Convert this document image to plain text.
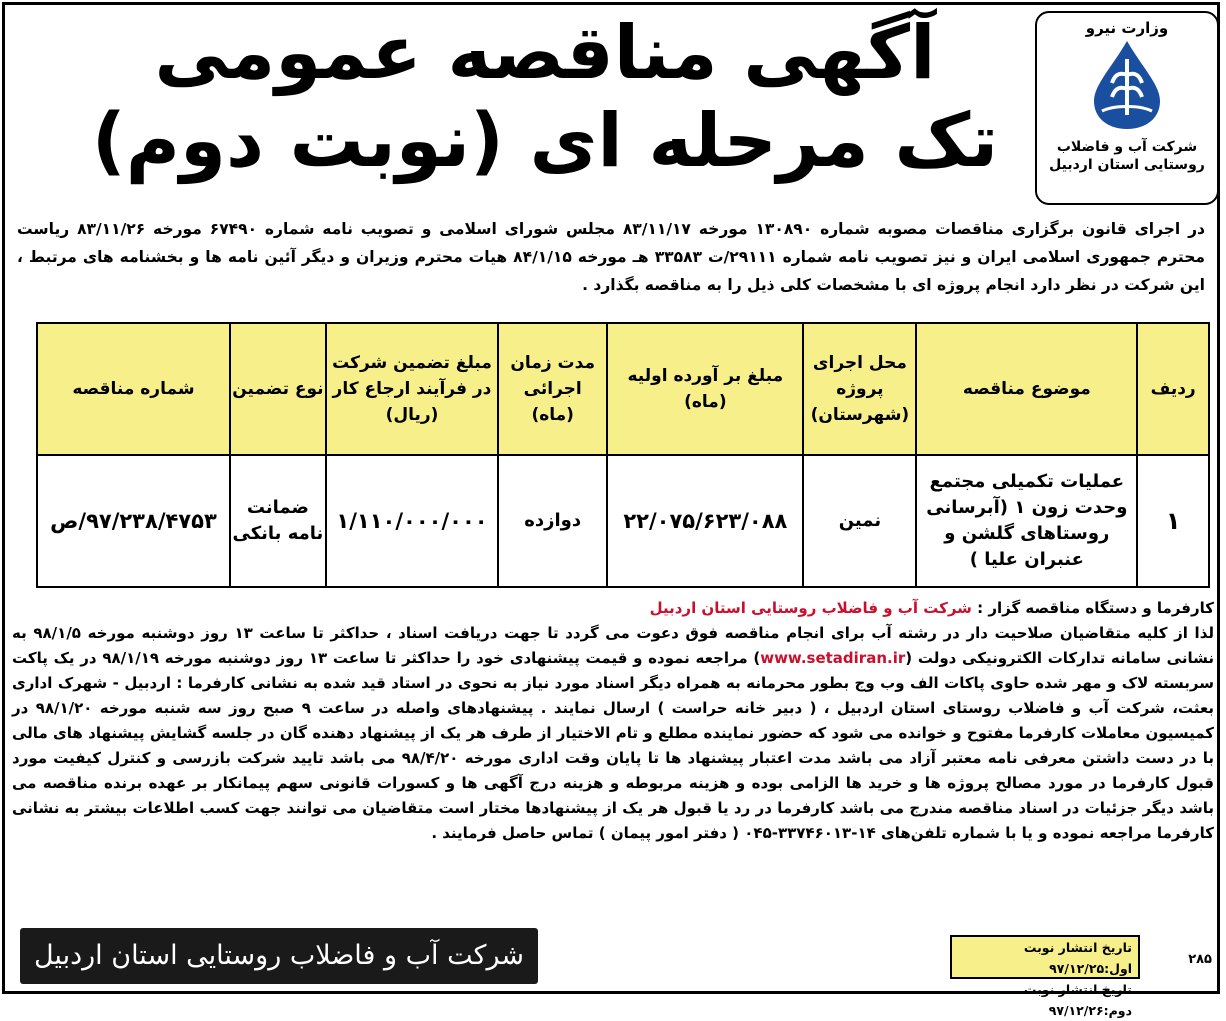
آگهی مناقصه عمومی
تک مرحله ای (نوبت دوم)
وزارت نیرو
شرکت آب و فاضلاب روستایی استان اردبیل
در اجرای قانون برگزاری مناقصات مصوبه شماره ۱۳۰۸۹۰ مورخه ۸۳/۱۱/۱۷ مجلس شورای اسلامی و تصویب نامه شماره ۶۷۴۹۰ مورخه ۸۳/۱۱/۲۶ ریاست محترم جمهوری اسلامی ایران و نیز تصویب نامه شماره ۲۹۱۱۱/ت ۳۳۵۸۳ هـ مورخه ۸۴/۱/۱۵ هیات محترم وزیران و دیگر آئین نامه ها و بخشنامه های مرتبط ، این شرکت در نظر دارد انجام پروژه ای با مشخصات کلی ذیل را به مناقصه بگذارد .
ردیف	موضوع مناقصه	محل اجرای پروژه (شهرستان)	مبلغ بر آورده اولیه (ماه)	مدت زمان اجرائی (ماه)	مبلغ تضمین شرکت در فرآیند ارجاع کار (ریال)	نوع تضمین	شماره مناقصه
۱	عملیات تکمیلی مجتمع وحدت زون ۱ (آبرسانی روستاهای گلشن و عنبران علیا )	نمین	۲۲/۰۷۵/۶۲۳/۰۸۸	دوازده	۱/۱۱۰/۰۰۰/۰۰۰	ضمانت نامه بانکی	۹۷/۲۳۸/۴۷۵۳/ص
کارفرما و دستگاه مناقصه گزار : شرکت آب و فاضلاب روستایی استان اردبیل
لذا از کلیه متقاضیان صلاحیت دار در رشته آب برای انجام مناقصه فوق دعوت می گردد تا جهت دریافت اسناد ، حداکثر تا ساعت ۱۳ روز دوشنبه مورخه ۹۸/۱/۵ به نشانی سامانه تدارکات الکترونیکی دولت (www.setadiran.ir) مراجعه نموده و قیمت پیشنهادی خود را حداکثر تا ساعت ۱۳ روز دوشنبه مورخه ۹۸/۱/۱۹ در یک پاکت سربسته لاک و مهر شده حاوی پاکات الف وب وج بطور محرمانه به همراه دیگر اسناد مورد نیاز به نحوی در استاد قید شده به نشانی کارفرما : اردبیل - شهرک اداری بعثت، شرکت آب و فاضلاب روستای استان اردبیل ، ( دبیر خانه حراست ) ارسال نمایند . پیشنهادهای واصله در ساعت ۹ صبح روز سه شنبه مورخه ۹۸/۱/۲۰ در کمیسیون معاملات کارفرما مفتوح و خوانده می شود که حضور نماینده مطلع و تام الاختیار از طرف هر یک از پیشنهاد دهنده گان در جلسه گشایش پیشنهاد های مالی با در دست داشتن معرفی نامه معتبر آزاد می باشد مدت اعتبار پیشنهاد ها تا پایان وقت اداری مورخه ۹۸/۴/۲۰ می باشد تایید شرکت بازرسی و کنترل کیفیت مورد قبول کارفرما در مورد مصالح پروژه ها و خرید ها الزامی بوده و هزینه مربوطه و هزینه درج آگهی ها و کسورات قانونی سهم پیمانکار بر عهده برنده مناقصه می باشد دیگر جزئیات در اسناد مناقصه مندرج می باشد کارفرما در رد یا قبول هر یک از پیشنهادها مختار است متقاضیان می توانند جهت کسب اطلاعات بیشتر به نشانی کارفرما مراجعه نموده و یا با شماره تلفن‌های ۱۴-۳۳۷۴۶۰۱۳-۰۴۵ ( دفتر امور پیمان ) تماس حاصل فرمایند .
شرکت آب و فاضلاب روستایی استان اردبیل	تاریخ انتشار نوبت اول:۹۷/۱۲/۲۵
تاریخ انتشار نوبت دوم:۹۷/۱۲/۲۶
۲۸۵
